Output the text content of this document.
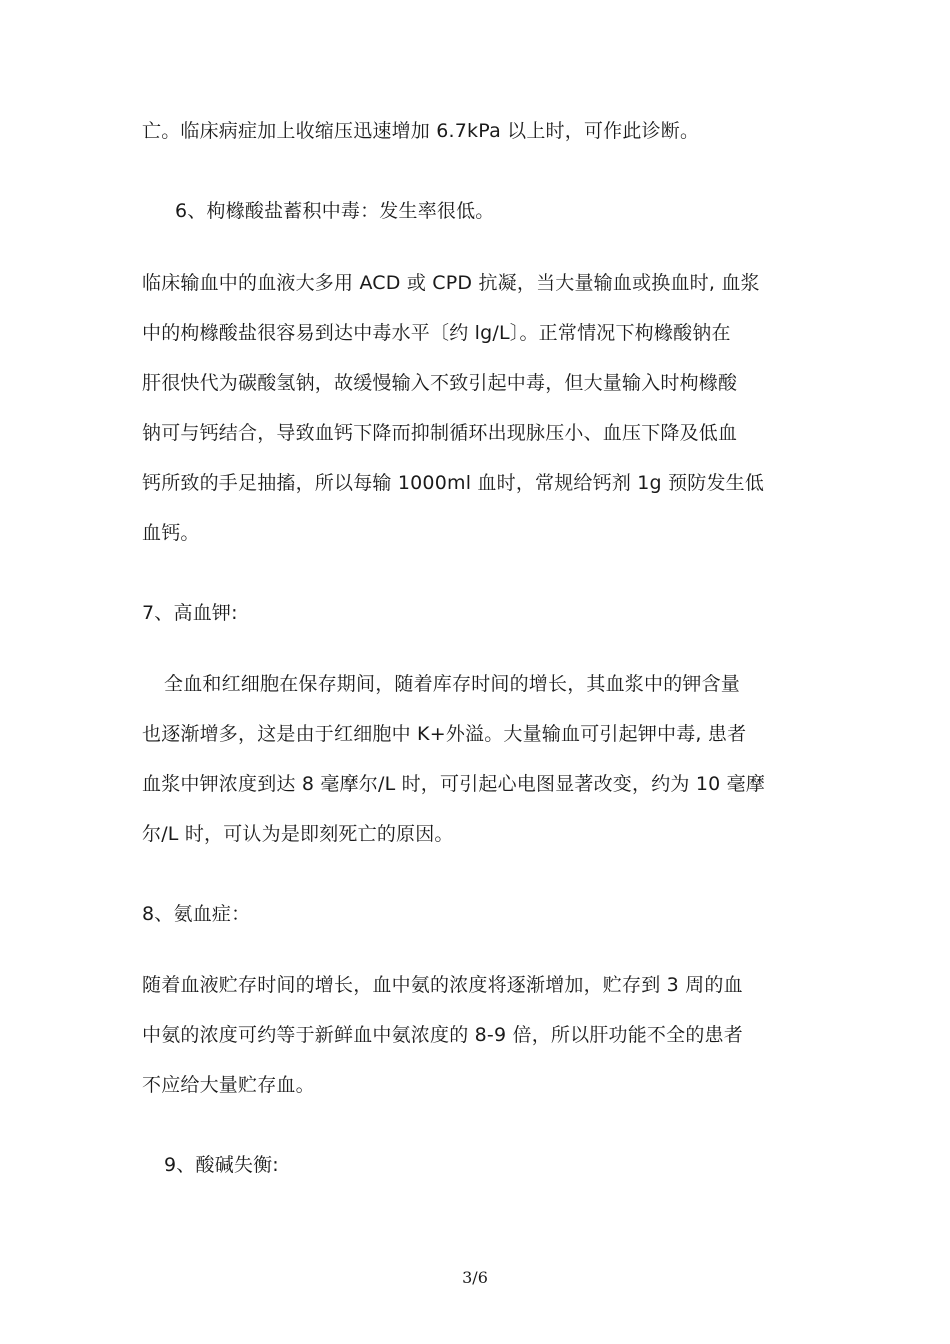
亡。临床病症加上收缩压迅速增加 6.7kPa 以上时，可作此诊断。
6、枸橼酸盐蓄积中毒：发生率很低。
临床输血中的血液大多用 ACD 或 CPD 抗凝，当大量输血或换血时, 血浆
中的枸橼酸盐很容易到达中毒水平〔约 lg/L〕。正常情况下枸橼酸钠在
肝很快代为碳酸氢钠，故缓慢输入不致引起中毒，但大量输入时枸橼酸
钠可与钙结合，导致血钙下降而抑制循环出现脉压小、血压下降及低血
钙所致的手足抽搐，所以每输 1000ml 血时，常规给钙剂 1g 预防发生低
血钙。
7、高血钾:
全血和红细胞在保存期间，随着库存时间的增长，其血浆中的钾含量
也逐渐增多，这是由于红细胞中 K+外溢。大量输血可引起钾中毒, 患者
血浆中钾浓度到达 8 毫摩尔/L 时，可引起心电图显著改变，约为 10 毫摩
尔/L 时，可认为是即刻死亡的原因。
8、氨血症：
随着血液贮存时间的增长，血中氨的浓度将逐渐增加，贮存到 3 周的血
中氨的浓度可约等于新鲜血中氨浓度的 8-9 倍，所以肝功能不全的患者
不应给大量贮存血。
9、酸碱失衡:
3/6
